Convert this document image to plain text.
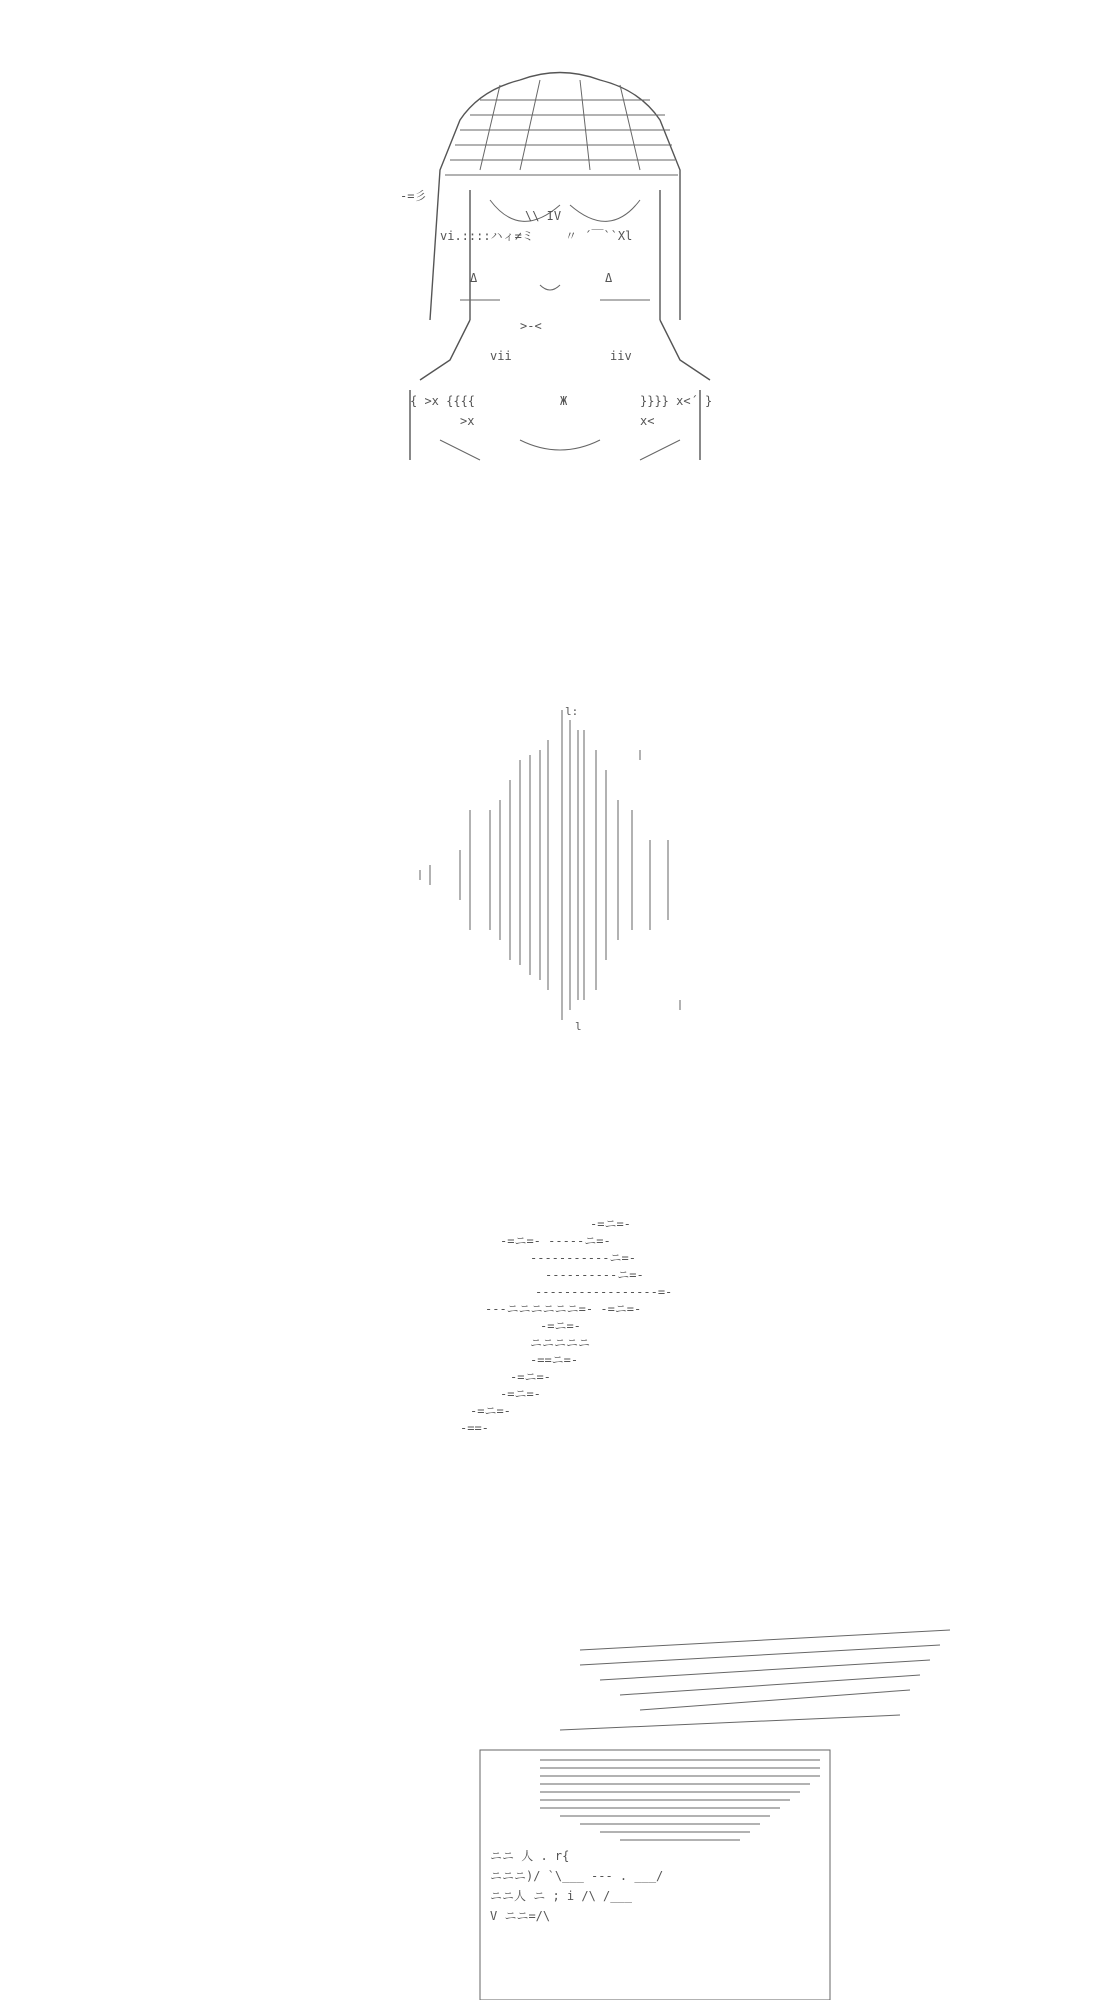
-=彡
\\ IV
vi.::::ハィ≠ミ	〃 ´￣``Xl
Δ	Δ
>-<
vii	iiv
{ >x {{{{	Ж	}}}} x<´ }
>x	x<
l:
l
-=ニ=-
-=ニ=- -----ニ=-
-----------ニ=-
----------ニ=-
-----------------=-
---ニニニニニニ=- -=ニ=-
-=ニ=-
ニニニニニ
-==ニ=-
-=ニ=-
-=ニ=-
-=ニ=-
-==-
ニニ 人 . r{
ニニニ)/ `\___ --- . ___/
ニニ人 ニ ; i /\ /___
V ニニ=/\
